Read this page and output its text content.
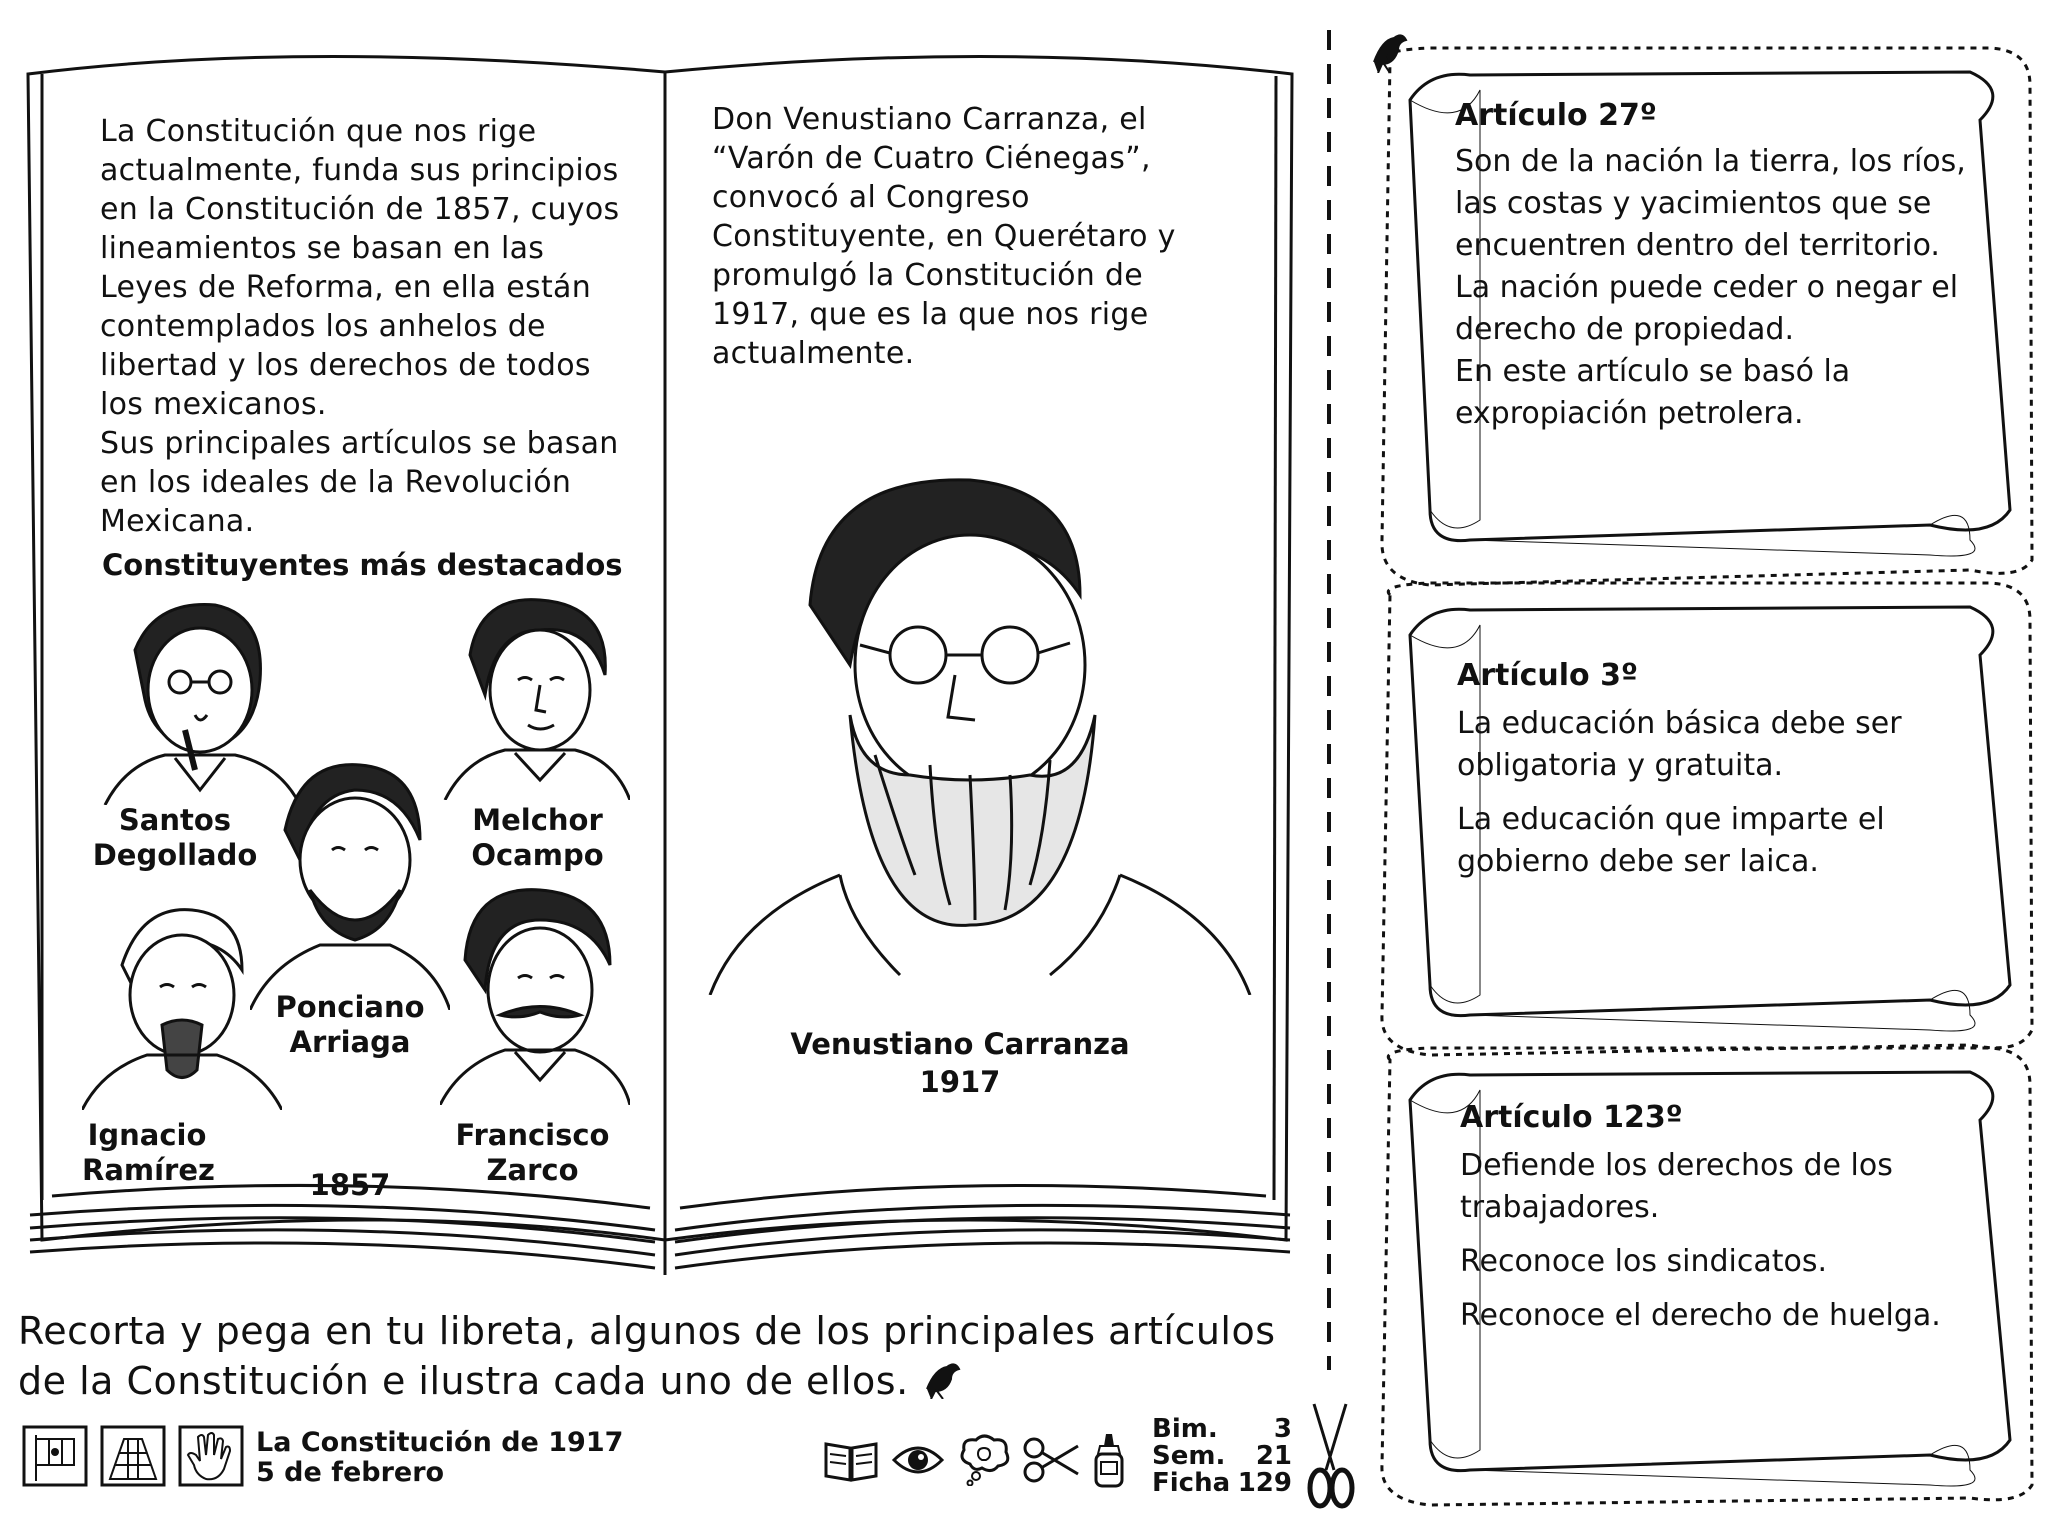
La Constitución que nos rige actualmente, funda sus principios en la Constitución de 1857, cuyos lineamientos se basan en las Leyes de Reforma, en ella están contemplados los anhelos de libertad y los derechos de todos los mexicanos.

Sus principales artículos se basan en los ideales de la Revolución Mexicana.

Constituyentes más destacados
Santos Degollado
Melchor Ocampo
Ponciano Arriaga
Ignacio Ramírez
Francisco Zarco
1857
Don Venustiano Carranza, el “Varón de Cuatro Ciénegas”, convocó al Congreso Constituyente, en Querétaro y promulgó la Constitución de 1917, que es la que nos rige actualmente.
Venustiano Carranza
1917
Recorta y pega en tu libreta, algunos de los principales artículos de la Constitución e ilustra cada uno de ellos.
Artículo 27º
Son de la nación la tierra, los ríos, las costas y yacimientos que se encuentren dentro del territorio.
La nación puede ceder o negar el derecho de propiedad.
En este artículo se basó la expropiación petrolera.
Artículo 3º
La educación básica debe ser obligatoria y gratuita.
La educación que imparte el gobierno debe ser laica.
Artículo 123º
Defiende los derechos de los trabajadores.
Reconoce los sindicatos.
Reconoce el derecho de huelga.
La Constitución de 1917
5 de febrero
Bim. 3
Sem. 21
Ficha 129
